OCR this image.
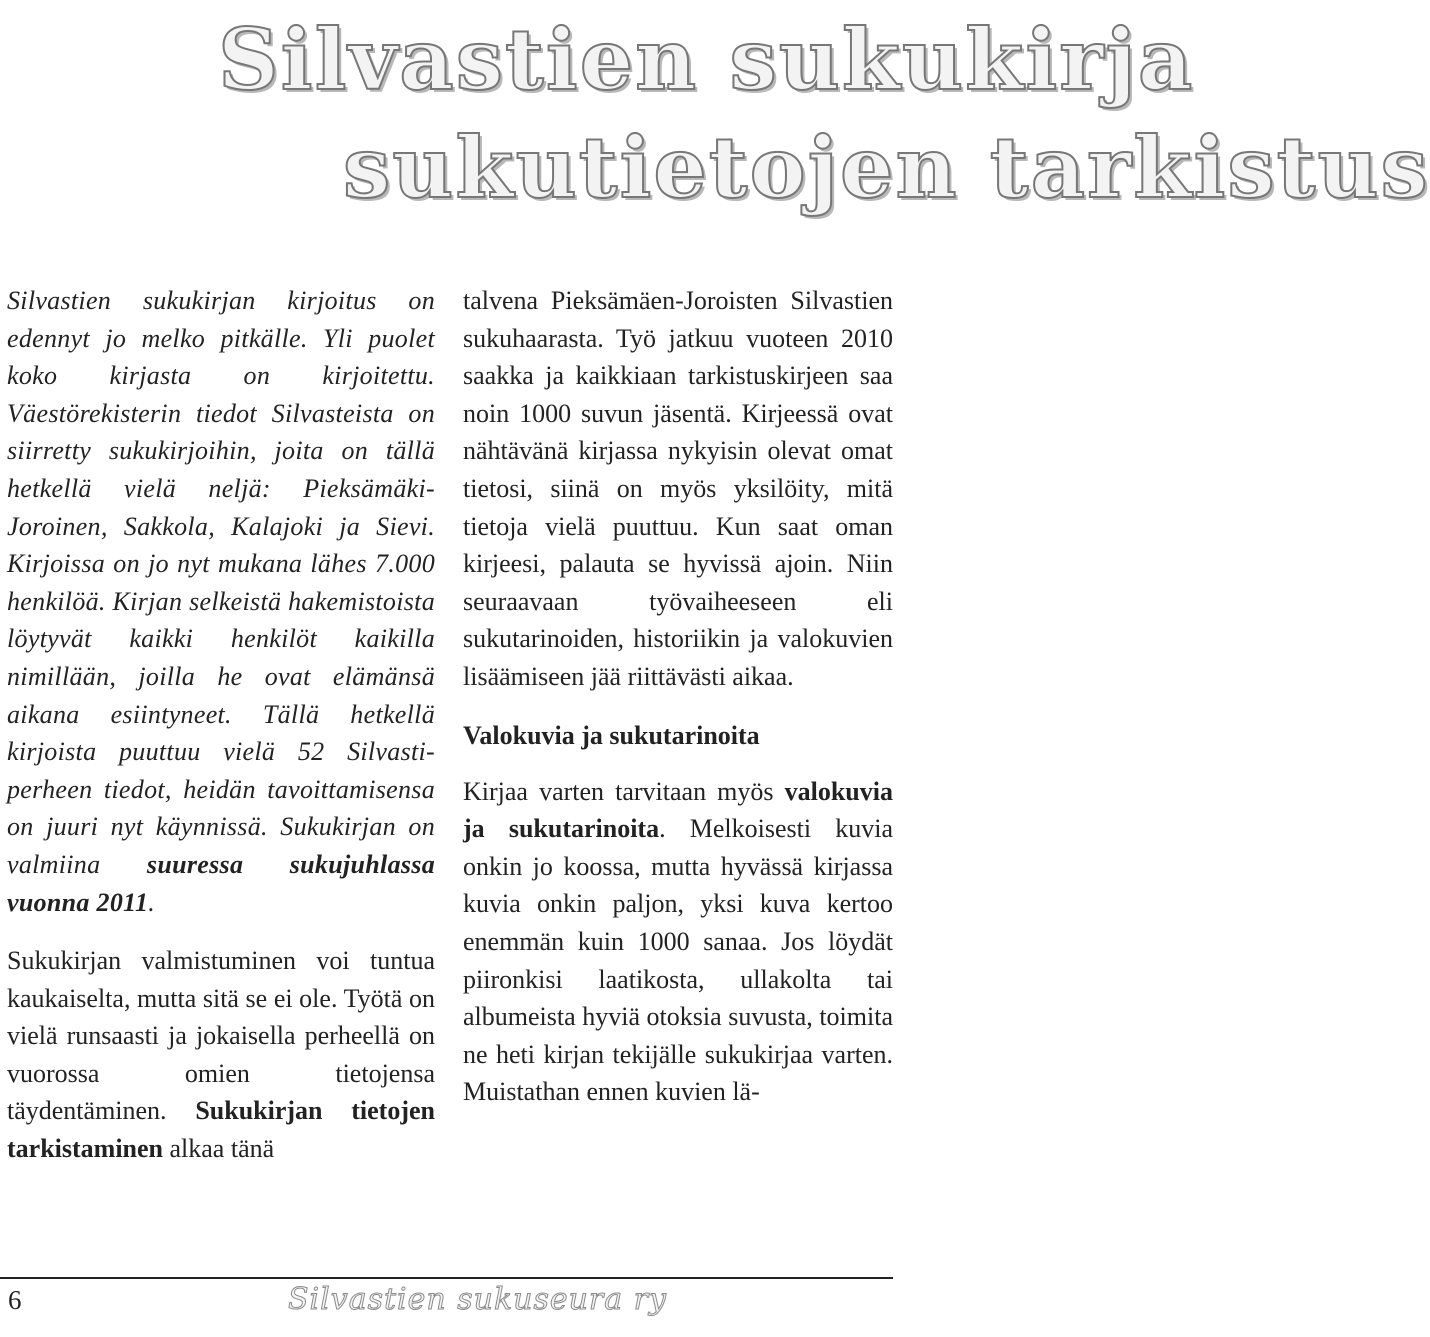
Silvastien sukukirja
sukutietojen tarkistus

Silvastien sukukirjan kirjoitus on edennyt jo melko pitkälle. Yli puolet koko kirjasta on kirjoitettu. Väestörekisterin tiedot Silvasteista on siirretty sukukirjoihin, joita on tällä hetkellä vielä neljä: Pieksämäki-Joroinen, Sakkola, Kalajoki ja Sievi. Kirjoissa on jo nyt mukana lähes 7.000 henkilöä. Kirjan selkeistä hakemistoista löytyvät kaikki henkilöt kaikilla nimillään, joilla he ovat elämänsä aikana esiintyneet. Tällä hetkellä kirjoista puuttuu vielä 52 Silvasti-perheen tiedot, heidän tavoittamisensa on juuri nyt käynnissä. Sukukirjan on valmiina suuressa sukujuhlassa vuonna 2011.

Sukukirjan valmistuminen voi tuntua kaukaiselta, mutta sitä se ei ole. Työtä on vielä runsaasti ja jokaisella perheellä on vuorossa omien tietojensa täydentäminen. Sukukirjan tietojen tarkistaminen alkaa tänä

talvena Pieksämäen-Joroisten Silvastien sukuhaarasta. Työ jatkuu vuoteen 2010 saakka ja kaikkiaan tarkistuskirjeen saa noin 1000 suvun jäsentä. Kirjeessä ovat nähtävänä kirjassa nykyisin olevat omat tietosi, siinä on myös yksilöity, mitä tietoja vielä puuttuu. Kun saat oman kirjeesi, palauta se hyvissä ajoin. Niin seuraavaan työvaiheeseen eli sukutarinoiden, historiikin ja valokuvien lisäämiseen jää riittävästi aikaa.

Valokuvia ja sukutarinoita

Kirjaa varten tarvitaan myös valokuvia ja sukutarinoita. Melkoisesti kuvia onkin jo koossa, mutta hyvässä kirjassa kuvia onkin paljon, yksi kuva kertoo enemmän kuin 1000 sanaa. Jos löydät piironkisi laatikosta, ullakolta tai albumeista hyviä otoksia suvusta, toimita ne heti kirjan tekijälle sukukirjaa varten. Muistathan ennen kuvien lä-

6	Silvastien sukuseura ry
